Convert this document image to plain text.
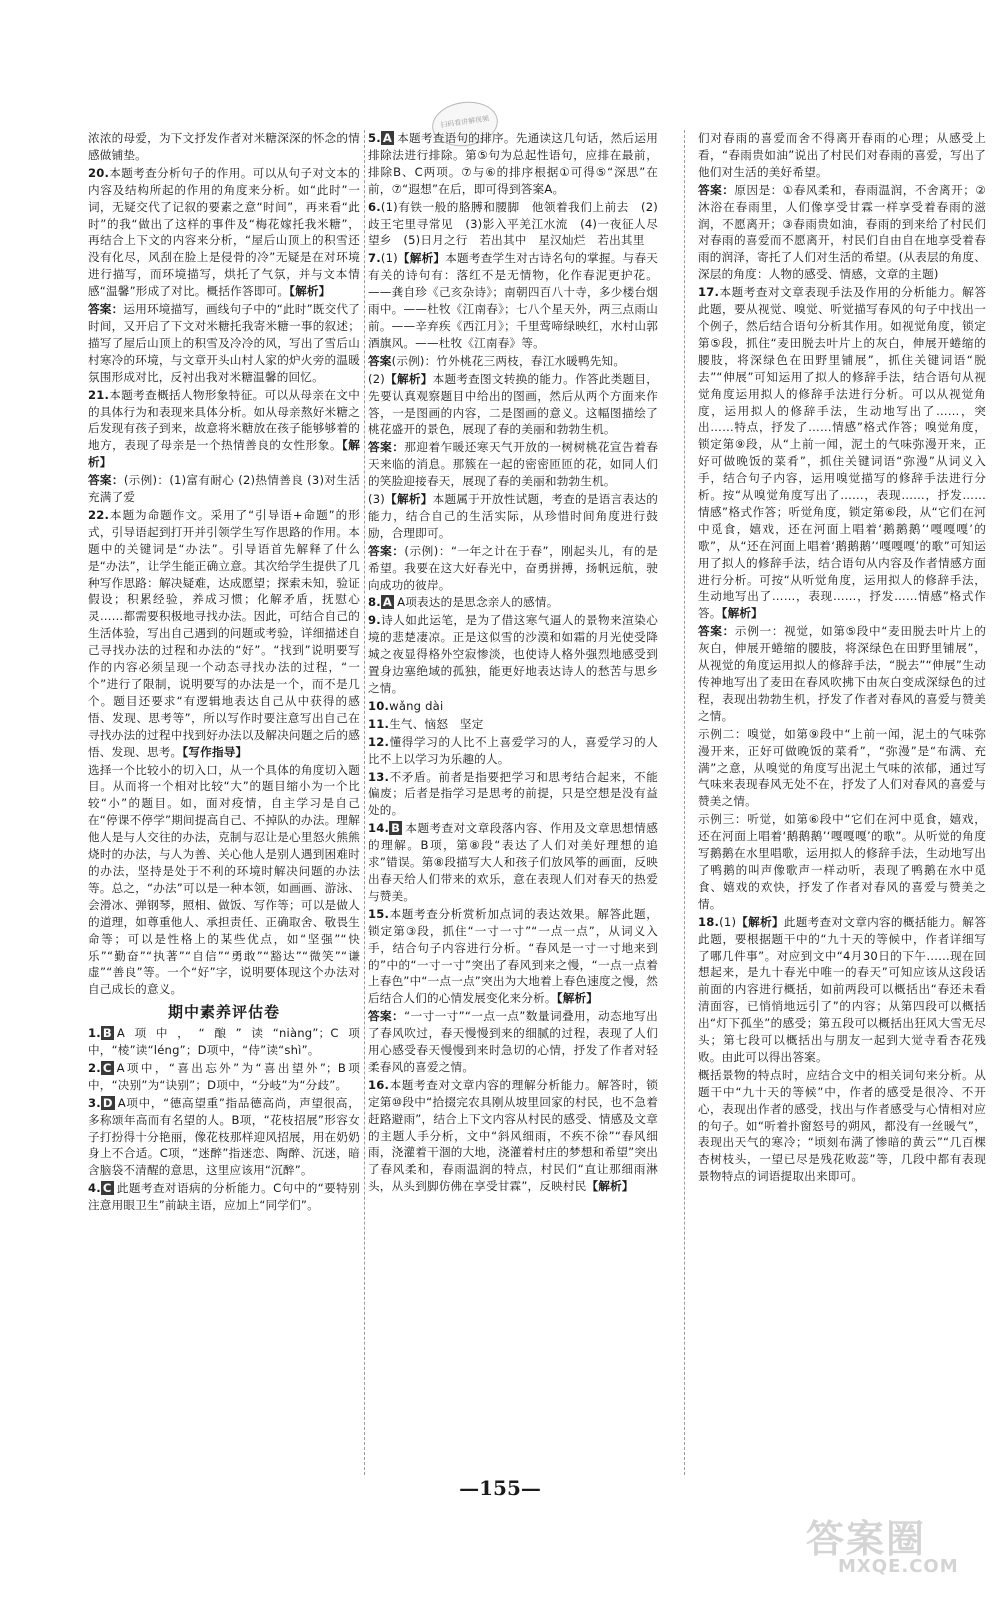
扫码看讲解视频

浓浓的母爱，为下文抒发作者对米糖深深的怀念的情感做铺垫。

20.本题考查分析句子的作用。可以从句子对文本的内容及结构所起的作用的角度来分析。如“此时”一词，无疑交代了记叙的要素之意“时间”，再来看“此时”的我“做出了这样的事件及“梅花嫁托我米糖”，再结合上下文的内容来分析，“屋后山顶上的积雪还没有化尽，风刮在脸上是侵骨的冷”无疑是在对环境进行描写，而环境描写，烘托了气氛，并与文本情感“温馨”形成了对比。概括作答即可。【解析】

答案：运用环境描写，画线句子中的“此时”既交代了时间，又开启了下文对米糖托我寄米糖一事的叙述；描写了屋后山顶上的积雪及冷冷的风，写出了雪后山村寒冷的环境，与文章开头山村人家的炉火旁的温暖氛围形成对比，反衬出我对米糖温馨的回忆。

21.本题考查概括人物形象特征。可以从母亲在文中的具体行为和表现来具体分析。如从母亲熬好米糖之后发现有孩子到来，故意将米糖放在孩子能够够着的地方，表现了母亲是一个热情善良的女性形象。【解析】

答案：(示例)：(1)富有耐心 (2)热情善良 (3)对生活充满了爱

22.本题为命题作文。采用了“引导语+命题”的形式，引导语起到打开并引领学生写作思路的作用。本题中的关键词是“办法”。引导语首先解释了什么是“办法”，让学生能正确立意。其次给学生提供了几种写作思路：解决疑难，达成愿望；探索未知，验证假设；积累经验，养成习惯；化解矛盾，抚慰心灵……都需要积极地寻找办法。因此，可结合自己的生活体验，写出自己遇到的问题或考验，详细描述自己寻找办法的过程和办法的“好”。“找到”说明要写作的内容必须呈现一个动态寻找办法的过程，“一个”进行了限制，说明要写的办法是一个，而不是几个。题目还要求“有逻辑地表达自己从中获得的感悟、发现、思考等”，所以写作时要注意写出自己在寻找办法的过程中找到好办法以及解决问题之后的感悟、发现、思考。【写作指导】

选择一个比较小的切入口，从一个具体的角度切入题目。从而将一个相对比较“大”的题目缩小为一个比较“小”的题目。如，面对疫情，自主学习是自己在“停课不停学”期间提高自己、不掉队的办法。理解他人是与人交往的办法，克制与忍让是心里怒火熊熊烧时的办法，与人为善、关心他人是别人遇到困难时的办法，坚持是处于不利的环境时解决问题的办法等。总之，“办法”可以是一种本领，如画画、游泳、会滑冰、弹钢琴，照相、做饭、写作等；可以是做人的道理，如尊重他人、承担责任、正确取舍、敬畏生命等；可以是性格上的某些优点，如“坚强”“快乐”“勤奋”“执著”“自信”“勇敢”“豁达”“微笑”“谦虚”“善良”等。一个“好”字，说明要体现这个办法对自己成长的意义。

期中素养评估卷

1. B A项中，“酿”读“niàng”；C项中，“棱”读“léng”；D项中，“侍”读“shì”。

2. C A项中，“喜出忘外”为“喜出望外”；B项中，“决别”为“诀别”；D项中，“分岐”为“分歧”。

3. D A项中，“德高望重”指品德高尚，声望很高，多称颂年高而有名望的人。B项，“花枝招展”形容女子打扮得十分艳丽，像花枝那样迎风招展，用在奶奶身上不合适。C项，“迷醉”指迷恋、陶醉、沉迷，暗含脑袋不清醒的意思，这里应该用“沉醉”。

4. C 此题考查对语病的分析能力。C句中的“要特别注意用眼卫生”前缺主语，应加上“同学们”。

5. A 本题考查语句的排序。先通读这几句话，然后运用排除法进行排除。第⑤句为总起性语句，应排在最前，排除B、C两项。⑦与⑥的排序根据①可得⑤“深思”在前，⑦“遐想”在后，即可得到答案A。

6.(1)有铁一般的胳膊和腰脚　他领着我们上前去　(2)歧王宅里寻常见　(3)影入平羌江水流　(4)一夜征人尽望乡　(5)日月之行　若出其中　星汉灿烂　若出其里

7.(1)【解析】本题考查学生对古诗名句的掌握。与春天有关的诗句有：落红不是无情物，化作春泥更护花。——龚自珍《己亥杂诗》；南朝四百八十寺，多少楼台烟雨中。——杜牧《江南春》；七八个星天外，两三点雨山前。——辛弃疾《西江月》；千里莺啼绿映红，水村山郭酒旗风。——杜牧《江南春》等。

答案(示例)：竹外桃花三两枝，春江水暖鸭先知。

(2)【解析】本题考查图文转换的能力。作答此类题目，先要认真观察题目中给出的图画，然后从两个方面来作答，一是图画的内容，二是图画的意义。这幅图描绘了桃花盛开的景色，展现了春的美丽和勃勃生机。

答案：那迎着乍暖还寒天气开放的一树树桃花宣告着春天来临的消息。那簇在一起的密密匝匝的花，如同人们的笑脸迎接春天，展现了春的美丽和勃勃生机。

(3)【解析】本题属于开放性试题，考查的是语言表达的能力，结合自己的生活实际，从珍惜时间角度进行鼓励，合理即可。

答案：(示例)：“一年之计在于春”，刚起头儿，有的是希望。我要在这大好春光中，奋勇拼搏，扬帆远航，驶向成功的彼岸。

8. A A项表达的是思念亲人的感情。

9.诗人如此运笔，是为了借这寒气逼人的景物来渲染心境的悲楚凄凉。正是这似雪的沙漠和如霜的月光使受降城之夜显得格外空寂惨淡，也使诗人格外强烈地感受到置身边塞绝域的孤独，能更好地表达诗人的愁苦与思乡之情。

10.wǎng dài

11.生气、恼怒　坚定

12.懂得学习的人比不上喜爱学习的人，喜爱学习的人比不上以学习为乐趣的人。

13.不矛盾。前者是指要把学习和思考结合起来，不能偏废；后者是指学习是思考的前提，只是空想是没有益处的。

14. B 本题考查对文章段落内容、作用及文章思想情感的理解。B项，第⑧段“表达了人们对美好理想的追求”错误。第⑧段描写大人和孩子们放风筝的画面，反映出春天给人们带来的欢乐，意在表现人们对春天的热爱与赞美。

15.本题考查分析赏析加点词的表达效果。解答此题，锁定第③段，抓住“一寸一寸”“一点一点”，从词义入手，结合句子内容进行分析。“春风是一寸一寸地来到的”中的“一寸一寸”突出了春风到来之慢，“一点一点着上春色”中“一点一点”突出为大地着上春色速度之慢，然后结合人们的心情发展变化来分析。【解析】

答案：“一寸一寸”“一点一点”数量词叠用，动态地写出了春风吹过，春天慢慢到来的细腻的过程，表现了人们用心感受春天慢慢到来时急切的心情，抒发了作者对轻柔春风的喜爱之情。

16.本题考查对文章内容的理解分析能力。解答时，锁定第⑩段中“拾掇完农具刚从坡里回家的村民，也不急着赶路避雨”，结合上下文内容从村民的感受、情感及文章的主题人手分析，文中“斜风细雨，不疾不徐”“春风细雨，浇灌着干涸的大地，浇灌着村庄的梦想和希望”突出了春风柔和，春雨温润的特点，村民们“直让那细雨淋头，从头到脚仿佛在享受甘霖”，反映村民【解析】

们对春雨的喜爱而舍不得离开春雨的心理；从感受上看，“春雨贵如油”说出了村民们对春雨的喜爱，写出了他们对生活的美好希望。

答案：原因是：①春风柔和，春雨温润，不舍离开；②沐浴在春雨里，人们像享受甘霖一样享受着春雨的滋润，不愿离开；③春雨贵如油，春雨的到来给了村民们对春雨的喜爱而不愿离开，村民们自由自在地享受着春雨的润泽，寄托了人们对生活的希望。(从表层的角度、深层的角度：人物的感受、情感，文章的主题)

17.本题考查对文章表现手法及作用的分析能力。解答此题，要从视觉、嗅觉、听觉描写春风的句子中找出一个例子，然后结合语句分析其作用。如视觉角度，锁定第⑤段，抓住“麦田脱去叶片上的灰白，伸展开蜷缩的腰肢，将深绿色在田野里铺展”，抓住关键词语“脱去”“伸展”可知运用了拟人的修辞手法，结合语句从视觉角度运用拟人的修辞手法进行分析。可以从视觉角度，运用拟人的修辞手法，生动地写出了……，突出……特点，抒发了……情感”格式作答；嗅觉角度，锁定第⑨段，从“上前一闻，泥土的气味弥漫开来，正好可做晚饭的菜肴”，抓住关键词语“弥漫”从词义入手，结合句子内容，运用嗅觉描写的修辞手法进行分析。按“从嗅觉角度写出了……，表现……，抒发……情感”格式作答；听觉角度，锁定第⑥段，从“它们在河中觅食，嬉戏，还在河面上唱着‘鹅鹅鹅’‘嘎嘎嘎’的歌”，从“还在河面上唱着‘鹅鹅鹅’‘嘎嘎嘎’的歌”可知运用了拟人的修辞手法，结合语句从内容及作者情感方面进行分析。可按“从听觉角度，运用拟人的修辞手法，生动地写出了……，表现……，抒发……情感”格式作答。【解析】

答案：示例一：视觉，如第⑤段中“麦田脱去叶片上的灰白，伸展开蜷缩的腰肢，将深绿色在田野里铺展”，从视觉的角度运用拟人的修辞手法，“脱去”“伸展”生动传神地写出了麦田在春风吹拂下由灰白变成深绿色的过程，表现出勃勃生机，抒发了作者对春风的喜爱与赞美之情。

示例二：嗅觉，如第⑨段中“上前一闻，泥土的气味弥漫开来，正好可做晚饭的菜肴”，“弥漫”是“布满、充满”之意，从嗅觉的角度写出泥土气味的浓郁，通过写气味来表现春风无处不在，抒发了人们对春风的喜爱与赞美之情。

示例三：听觉，如第⑥段中“它们在河中觅食，嬉戏，还在河面上唱着‘鹅鹅鹅’‘嘎嘎嘎’的歌”。从听觉的角度写鹅鹅在水里唱歌，运用拟人的修辞手法，生动地写出了鸭鹅的叫声像歌声一样动听，表现了鸭鹅在水中觅食、嬉戏的欢快，抒发了作者对春风的喜爱与赞美之情。

18.(1)【解析】此题考查对文章内容的概括能力。解答此题，要根据题干中的“九十天的等候中，作者详细写了哪几件事”。对应到文中“4月30日的下午……现在回想起来，是九十春光中唯一的春天”可知应该从这段话前面的内容进行概括，如前两段可以概括出“春还未看清面容，已悄悄地远引了”的内容；从第四段可以概括出“灯下孤坐”的感受；第五段可以概括出狂风大雪无尽头；第七段可以概括出与朋友一起到大觉寺看杏花残败。由此可以得出答案。

概括景物的特点时，应结合文中的相关词句来分析。从题干中“九十天的等候”中，作者的感受是很冷、不开心，表现出作者的感受，找出与作者感受与心情相对应的句子。如“听着扑窗怒号的朔风，都没有一丝暖气”，表现出天气的寒冷；“顷刻布满了惨暗的黄云”“几百棵杏树枝头，一望已尽是残花败蕊”等，几段中都有表现景物特点的词语提取出来即可。

—155—
答案圈
MXQE.COM
